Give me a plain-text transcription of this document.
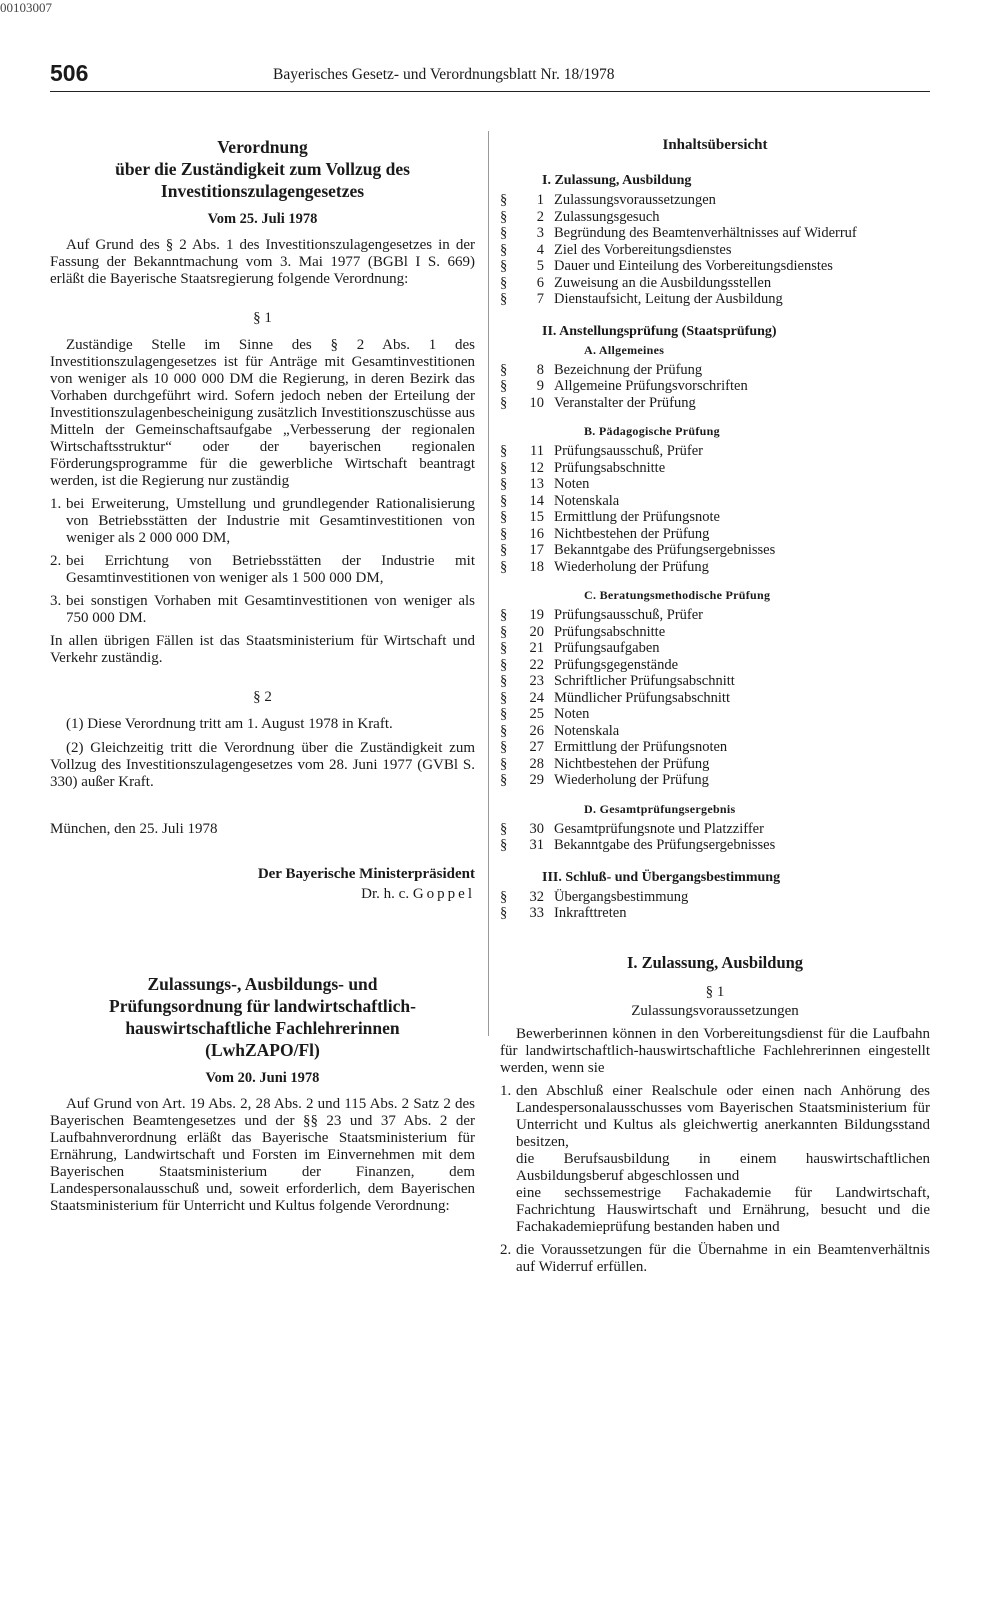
00103007
506	Bayerisches Gesetz- und Verordnungsblatt Nr. 18/1978
Verordnung
über die Zuständigkeit zum Vollzug des
Investitionszulagengesetzes
Vom 25. Juli 1978

Auf Grund des § 2 Abs. 1 des Investitionszulagengesetzes in der Fassung der Bekanntmachung vom 3. Mai 1977 (BGBl I S. 669) erläßt die Bayerische Staatsregierung folgende Verordnung:

§ 1

Zuständige Stelle im Sinne des § 2 Abs. 1 des Investitionszulagengesetzes ist für Anträge mit Gesamtinvestitionen von weniger als 10 000 000 DM die Regierung, in deren Bezirk das Vorhaben durchgeführt wird. Sofern jedoch neben der Erteilung der Investitionszulagenbescheinigung zusätzlich Investitionszuschüsse aus Mitteln der Gemeinschaftsaufgabe „Verbesserung der regionalen Wirtschaftsstruktur“ oder der bayerischen regionalen Förderungsprogramme für die gewerbliche Wirtschaft beantragt werden, ist die Regierung nur zuständig

1. bei Erweiterung, Umstellung und grundlegender Rationalisierung von Betriebsstätten der Industrie mit Gesamtinvestitionen von weniger als 2 000 000 DM,
2. bei Errichtung von Betriebsstätten der Industrie mit Gesamtinvestitionen von weniger als 1 500 000 DM,
3. bei sonstigen Vorhaben mit Gesamtinvestitionen von weniger als 750 000 DM.

In allen übrigen Fällen ist das Staatsministerium für Wirtschaft und Verkehr zuständig.

§ 2

(1) Diese Verordnung tritt am 1. August 1978 in Kraft.

(2) Gleichzeitig tritt die Verordnung über die Zuständigkeit zum Vollzug des Investitionszulagengesetzes vom 28. Juni 1977 (GVBl S. 330) außer Kraft.

München, den 25. Juli 1978
Der Bayerische Ministerpräsident
Dr. h. c. Goppel
Zulassungs-, Ausbildungs- und
Prüfungsordnung für landwirtschaftlich-
hauswirtschaftliche Fachlehrerinnen
(LwhZAPO/Fl)
Vom 20. Juni 1978

Auf Grund von Art. 19 Abs. 2, 28 Abs. 2 und 115 Abs. 2 Satz 2 des Bayerischen Beamtengesetzes und der §§ 23 und 37 Abs. 2 der Laufbahnverordnung erläßt das Bayerische Staatsministerium für Ernährung, Landwirtschaft und Forsten im Einvernehmen mit dem Bayerischen Staatsministerium der Finanzen, dem Landespersonalausschuß und, soweit erforderlich, dem Bayerischen Staatsministerium für Unterricht und Kultus folgende Verordnung:

Inhaltsübersicht
I. Zulassung, Ausbildung
§	1 Zulassungsvoraussetzungen
§	2 Zulassungsgesuch
§	3 Begründung des Beamtenverhältnisses auf Widerruf
§	4 Ziel des Vorbereitungsdienstes
§	5 Dauer und Einteilung des Vorbereitungsdienstes
§	6 Zuweisung an die Ausbildungsstellen
§	7 Dienstaufsicht, Leitung der Ausbildung
II. Anstellungsprüfung (Staatsprüfung)
A. Allgemeines
§	8 Bezeichnung der Prüfung
§	9 Allgemeine Prüfungsvorschriften
§	10 Veranstalter der Prüfung
B. Pädagogische Prüfung
§	11 Prüfungsausschuß, Prüfer
§	12 Prüfungsabschnitte
§	13 Noten
§	14 Notenskala
§	15 Ermittlung der Prüfungsnote
§	16 Nichtbestehen der Prüfung
§	17 Bekanntgabe des Prüfungsergebnisses
§	18 Wiederholung der Prüfung
C. Beratungsmethodische Prüfung
§	19 Prüfungsausschuß, Prüfer
§	20 Prüfungsabschnitte
§	21 Prüfungsaufgaben
§	22 Prüfungsgegenstände
§	23 Schriftlicher Prüfungsabschnitt
§	24 Mündlicher Prüfungsabschnitt
§	25 Noten
§	26 Notenskala
§	27 Ermittlung der Prüfungsnoten
§	28 Nichtbestehen der Prüfung
§	29 Wiederholung der Prüfung
D. Gesamtprüfungsergebnis
§	30 Gesamtprüfungsnote und Platzziffer
§	31 Bekanntgabe des Prüfungsergebnisses
III. Schluß- und Übergangsbestimmung
§	32 Übergangsbestimmung
§	33 Inkrafttreten
I. Zulassung, Ausbildung
§ 1
Zulassungsvoraussetzungen

Bewerberinnen können in den Vorbereitungsdienst für die Laufbahn für landwirtschaftlich-hauswirtschaftliche Fachlehrerinnen eingestellt werden, wenn sie

1. den Abschluß einer Realschule oder einen nach Anhörung des Landespersonalausschusses vom Bayerischen Staatsministerium für Unterricht und Kultus als gleichwertig anerkannten Bildungsstand besitzen,

die Berufsausbildung in einem hauswirtschaftlichen Ausbildungsberuf abgeschlossen und

eine sechssemestrige Fachakademie für Landwirtschaft, Fachrichtung Hauswirtschaft und Ernährung, besucht und die Fachakademieprüfung bestanden haben und

2. die Voraussetzungen für die Übernahme in ein Beamtenverhältnis auf Widerruf erfüllen.
